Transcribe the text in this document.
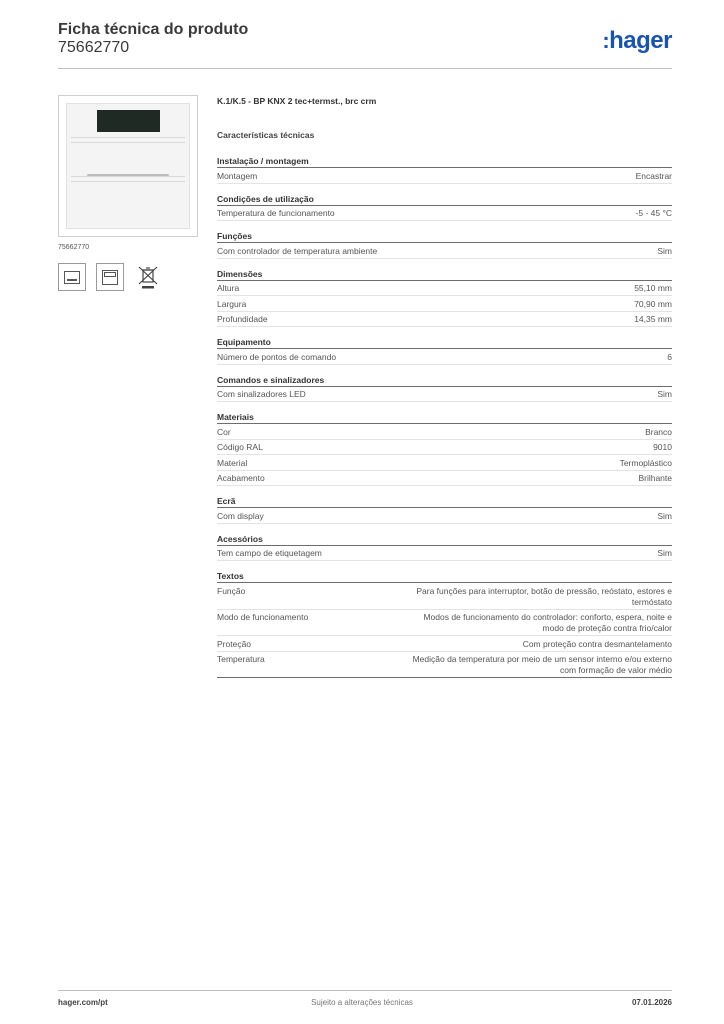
Ficha técnica do produto
75662770	:hager
75662770
K.1/K.5 - BP KNX 2 tec+termst., brc crm
Características técnicas
Instalação / montagem
Montagem	Encastrar
Condições de utilização
Temperatura de funcionamento	-5 - 45 °C
Funções
Com controlador de temperatura ambiente	Sim
Dimensões
Altura	55,10 mm
Largura	70,90 mm
Profundidade	14,35 mm
Equipamento
Número de pontos de comando	6
Comandos e sinalizadores
Com sinalizadores LED	Sim
Materiais
Cor	Branco
Código RAL	9010
Material	Termoplástico
Acabamento	Brilhante
Ecrã
Com display	Sim
Acessórios
Tem campo de etiquetagem	Sim
Textos
Função	Para funções para interruptor, botão de pressão, reóstato, estores e termóstato
Modo de funcionamento	Modos de funcionamento do controlador: conforto, espera, noite e modo de proteção contra frio/calor
Proteção	Com proteção contra desmantelamento
Temperatura	Medição da temperatura por meio de um sensor interno e/ou externo com formação de valor médio
hager.com/pt	Sujeito a alterações técnicas	07.01.2026
